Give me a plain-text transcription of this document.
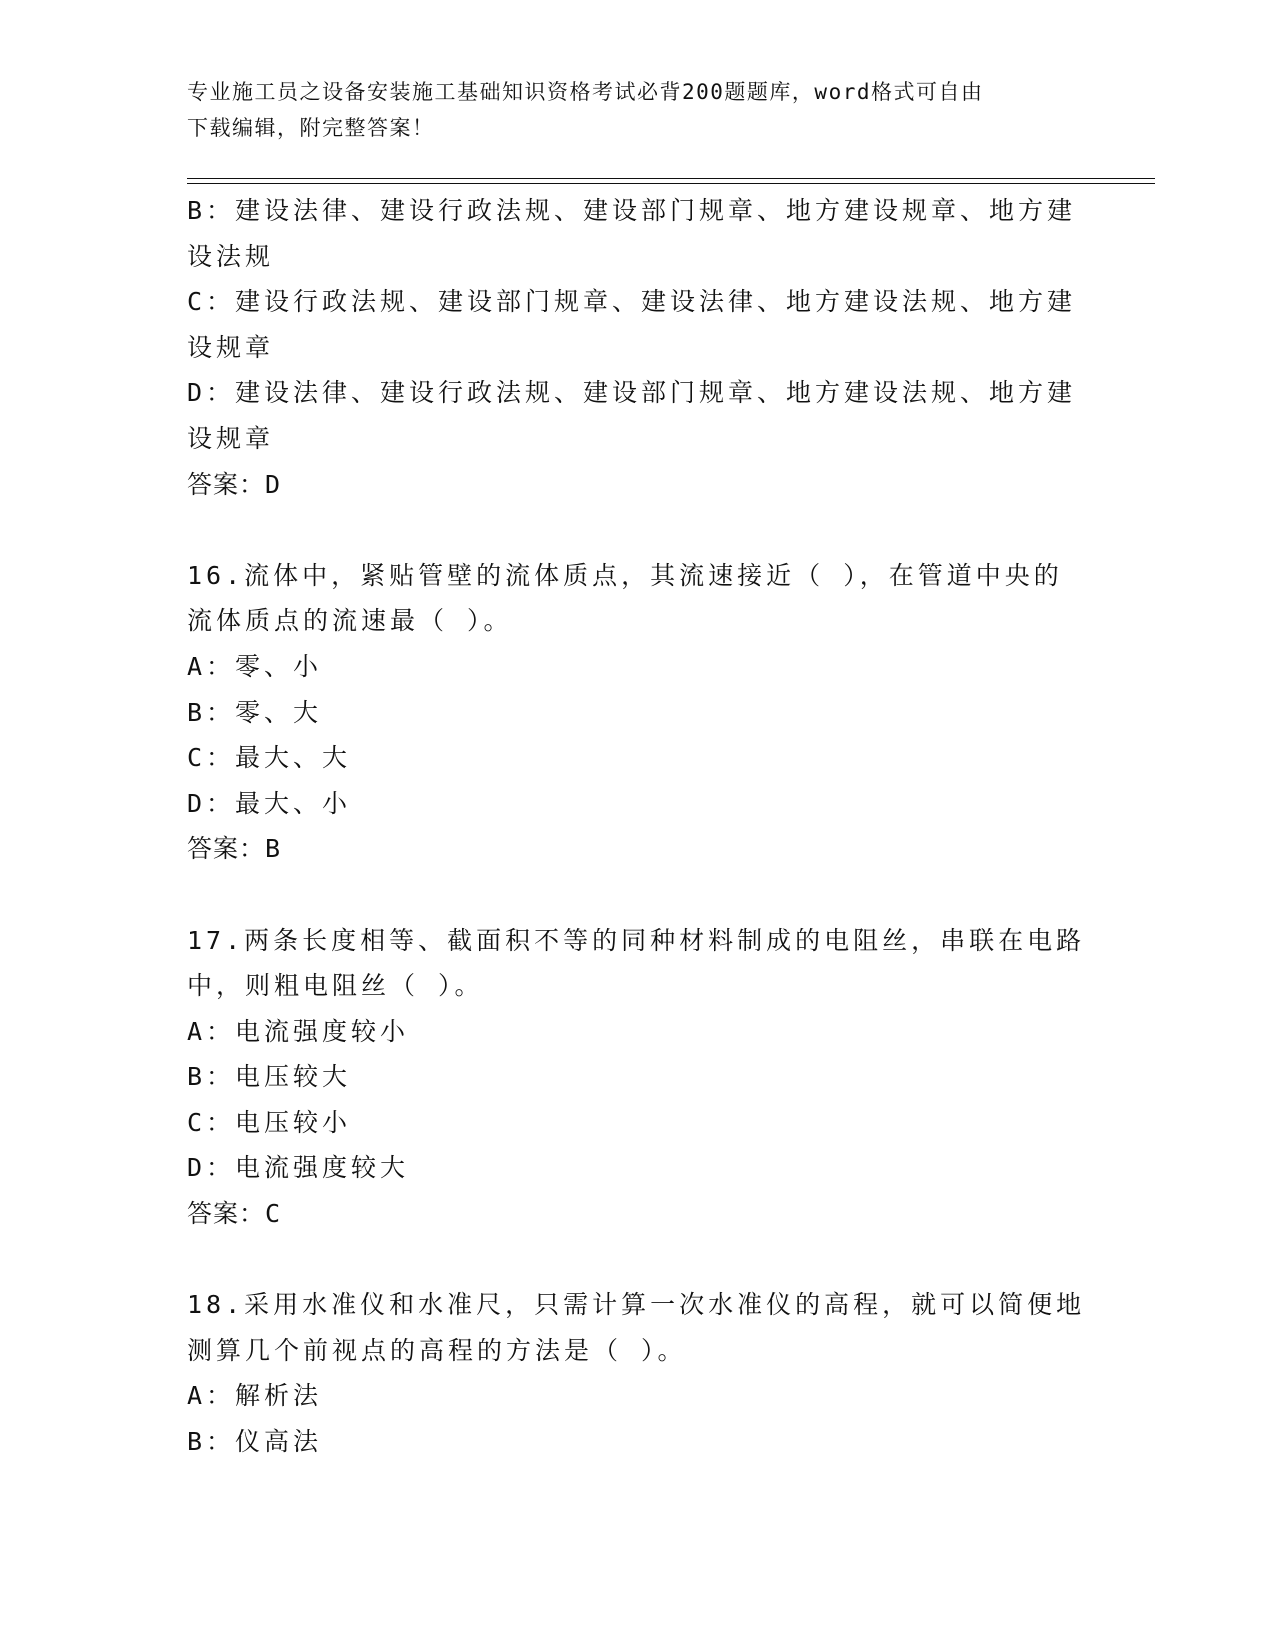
专业施工员之设备安装施工基础知识资格考试必背200题题库，word格式可自由
下载编辑，附完整答案！
B：建设法律、建设行政法规、建设部门规章、地方建设规章、地方建
设法规
C：建设行政法规、建设部门规章、建设法律、地方建设法规、地方建
设规章
D：建设法律、建设行政法规、建设部门规章、地方建设法规、地方建
设规章
答案：D
16.流体中，紧贴管壁的流体质点，其流速接近（ ），在管道中央的
流体质点的流速最（ ）。
A：零、小
B：零、大
C：最大、大
D：最大、小
答案：B
17.两条长度相等、截面积不等的同种材料制成的电阻丝，串联在电路
中，则粗电阻丝（ ）。
A：电流强度较小
B：电压较大
C：电压较小
D：电流强度较大
答案：C
18.采用水准仪和水准尺，只需计算一次水准仪的高程，就可以简便地
测算几个前视点的高程的方法是（ ）。
A：解析法
B：仪高法
